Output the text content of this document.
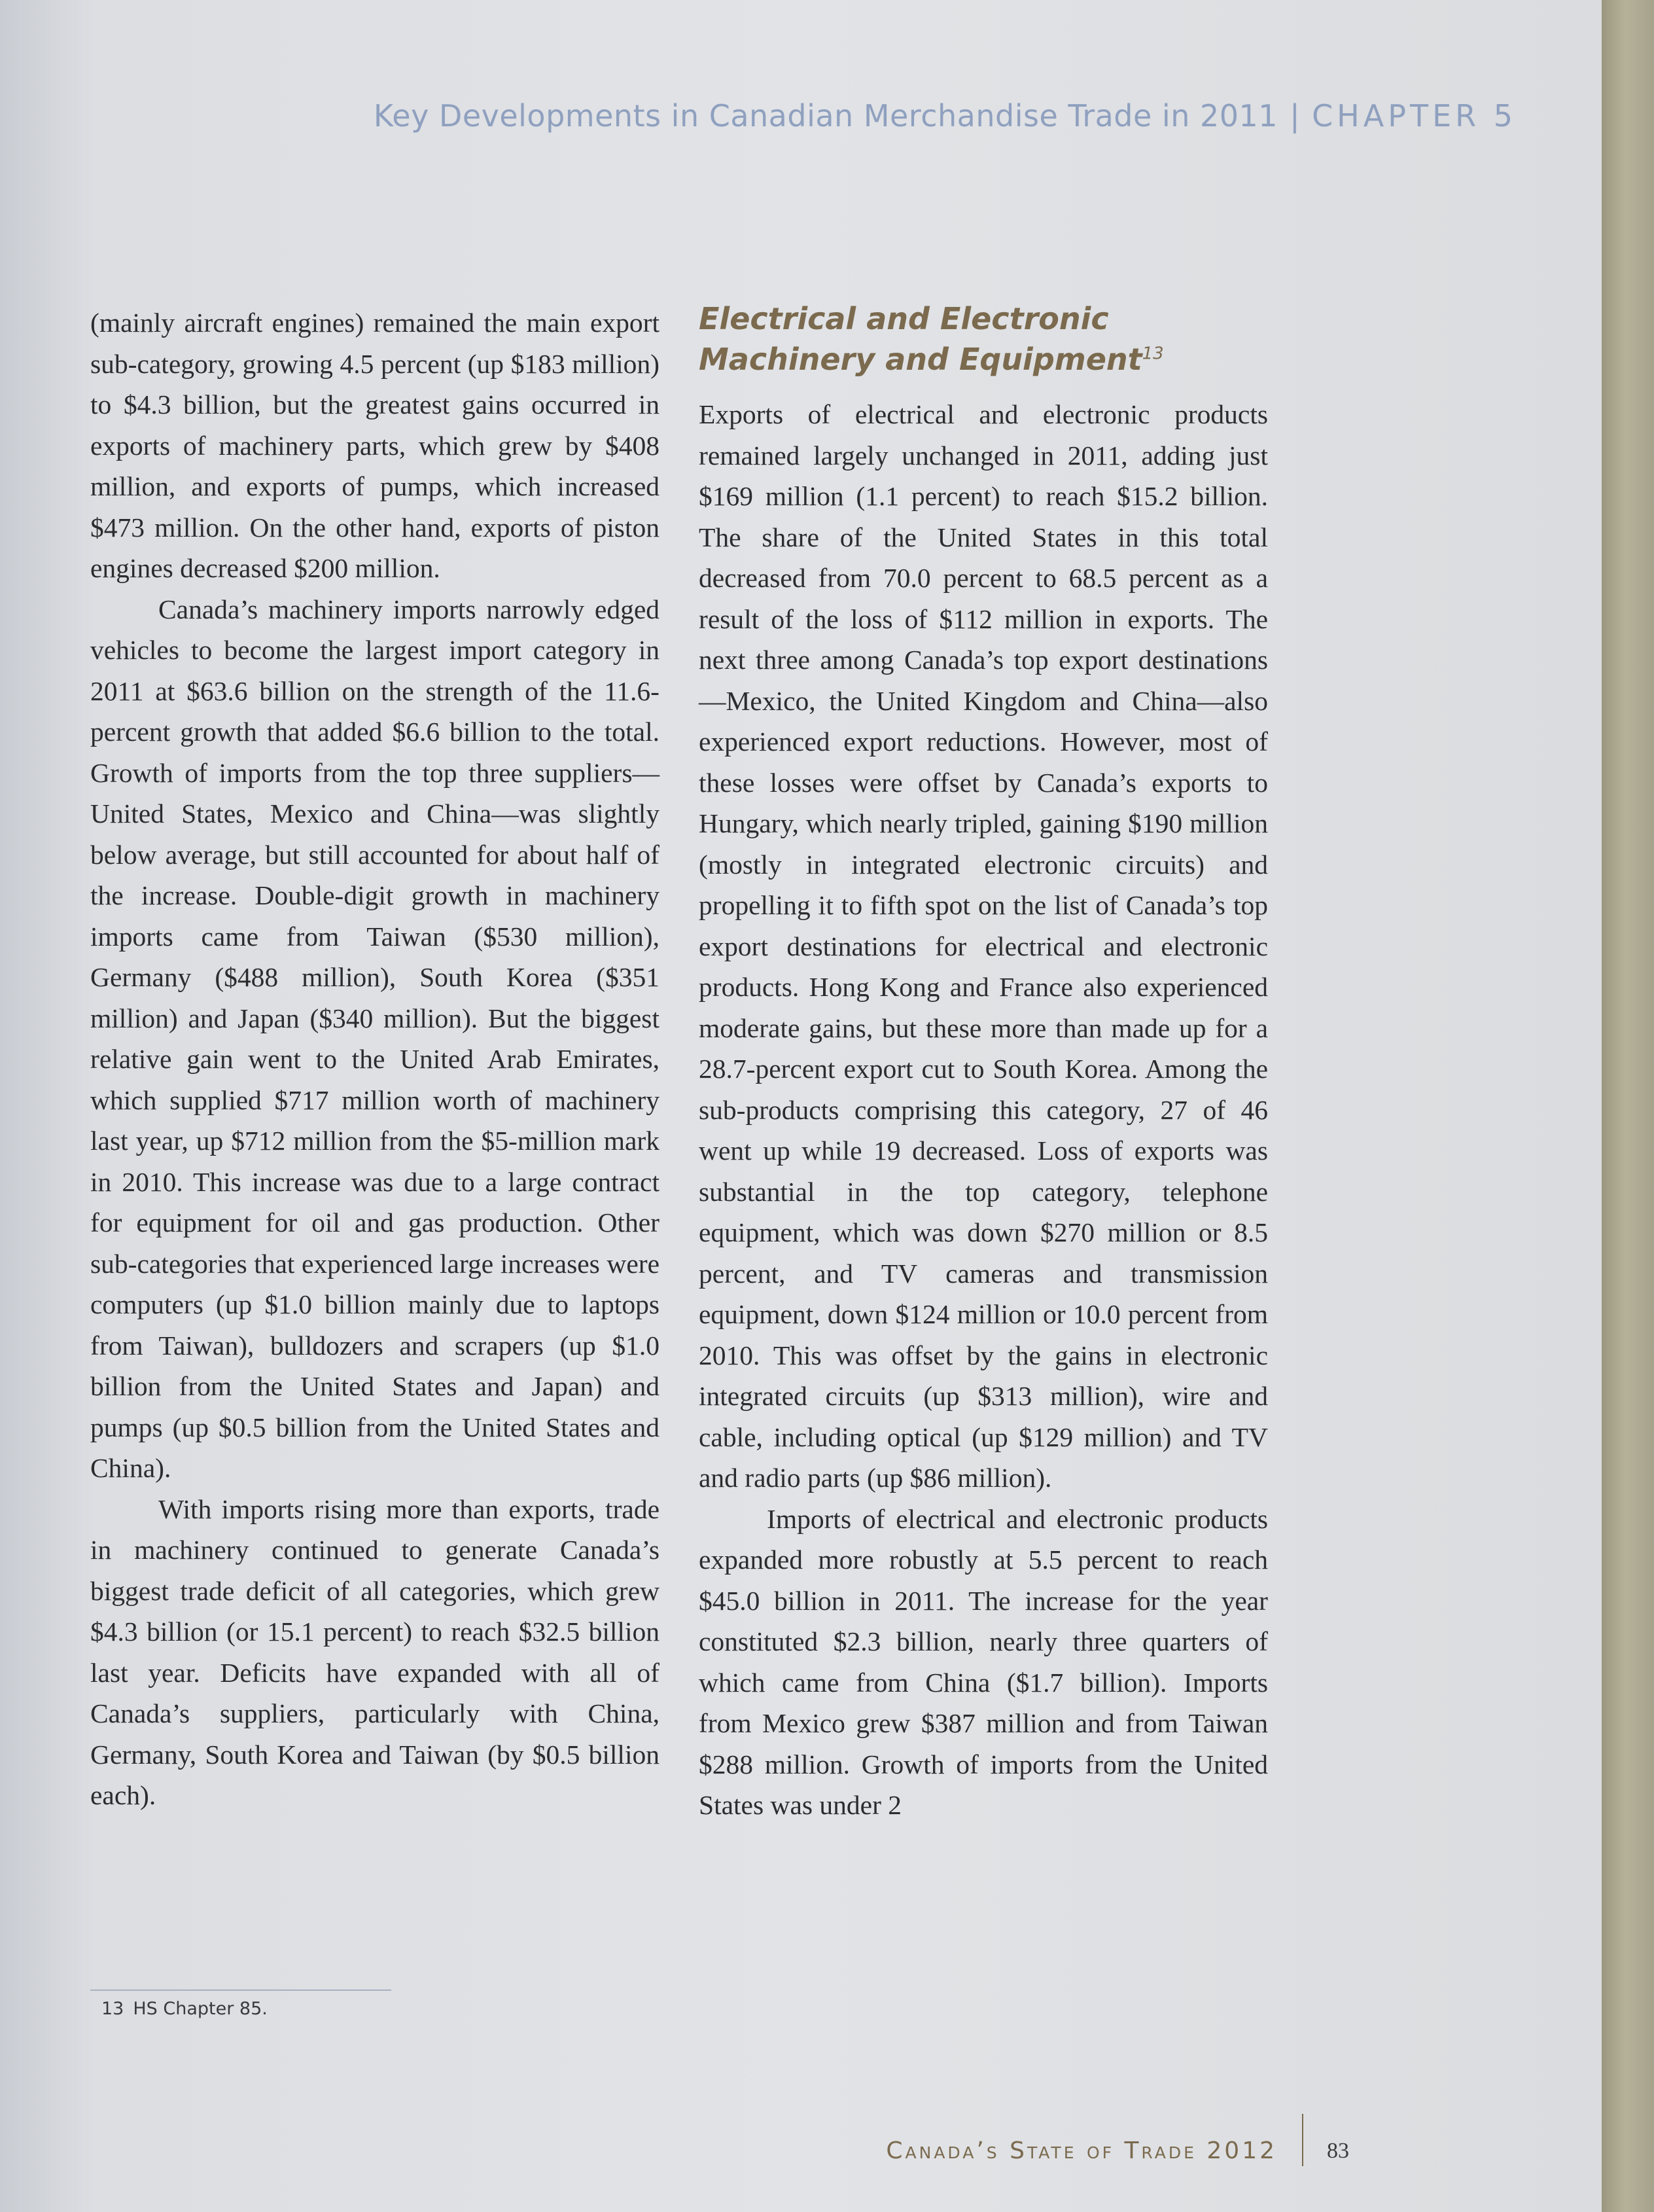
Key Developments in Canadian Merchandise Trade in 2011 | CHAPTER 5

(mainly aircraft engines) remained the main export sub-category, growing 4.5 percent (up $183 million) to $4.3 billion, but the greatest gains occurred in exports of machinery parts, which grew by $408 million, and exports of pumps, which increased $473 million. On the other hand, exports of piston engines decreased $200 million.

Canada’s machinery imports narrowly edged vehicles to become the largest import category in 2011 at $63.6 billion on the strength of the 11.6-percent growth that added $6.6 billion to the total. Growth of imports from the top three suppliers—United States, Mexico and China—was slightly below average, but still accounted for about half of the increase. Double-digit growth in machinery imports came from Taiwan ($530 million), Germany ($488 million), South Korea ($351 million) and Japan ($340 million). But the biggest relative gain went to the United Arab Emirates, which supplied $717 million worth of machinery last year, up $712 million from the $5-million mark in 2010. This increase was due to a large contract for equipment for oil and gas production. Other sub-categories that experienced large increases were computers (up $1.0 billion mainly due to laptops from Taiwan), bulldozers and scrapers (up $1.0 billion from the United States and Japan) and pumps (up $0.5 billion from the United States and China).

With imports rising more than exports, trade in machinery continued to generate Canada’s biggest trade deficit of all categories, which grew $4.3 billion (or 15.1 percent) to reach $32.5 billion last year. Deficits have expanded with all of Canada’s suppliers, particularly with China, Germany, South Korea and Taiwan (by $0.5 billion each).

Electrical and Electronic Machinery and Equipment$^{13}$

Exports of electrical and electronic products remained largely unchanged in 2011, adding just $169 million (1.1 percent) to reach $15.2 billion. The share of the United States in this total decreased from 70.0 percent to 68.5 percent as a result of the loss of $112 million in exports. The next three among Canada’s top export destinations—Mexico, the United Kingdom and China—also experienced export reductions. However, most of these losses were offset by Canada’s exports to Hungary, which nearly tripled, gaining $190 million (mostly in integrated electronic circuits) and propelling it to fifth spot on the list of Canada’s top export destinations for electrical and electronic products. Hong Kong and France also experienced moderate gains, but these more than made up for a 28.7-percent export cut to South Korea. Among the sub-products comprising this category, 27 of 46 went up while 19 decreased. Loss of exports was substantial in the top category, telephone equipment, which was down $270 million or 8.5 percent, and TV cameras and transmission equipment, down $124 million or 10.0 percent from 2010. This was offset by the gains in electronic integrated circuits (up $313 million), wire and cable, including optical (up $129 million) and TV and radio parts (up $86 million).

Imports of electrical and electronic products expanded more robustly at 5.5 percent to reach $45.0 billion in 2011. The increase for the year constituted $2.3 billion, nearly three quarters of which came from China ($1.7 billion). Imports from Mexico grew $387 million and from Taiwan $288 million. Growth of imports from the United States was under 2

13 HS Chapter 85.
Canada’s State of Trade 2012 83
